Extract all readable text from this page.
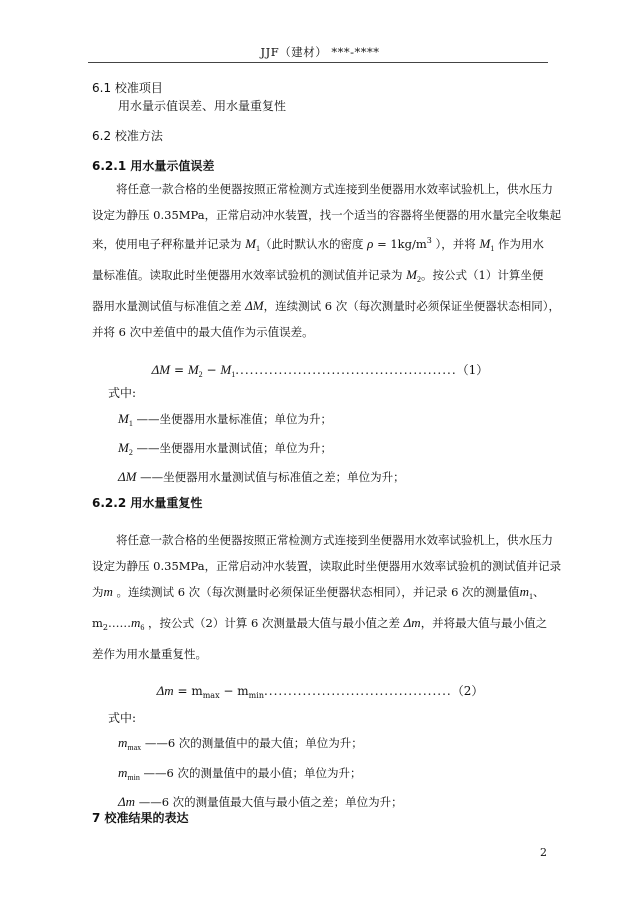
JJF（建材） ***-****
6.1 校准项目
用水量示值误差、用水量重复性
6.2 校准方法
6.2.1 用水量示值误差
将任意一款合格的坐便器按照正常检测方式连接到坐便器用水效率试验机上，供水压力
设定为静压 0.35MPa，正常启动冲水装置，找一个适当的容器将坐便器的用水量完全收集起
来，使用电子秤称量并记录为 $M_1$（此时默认水的密度 $\rho = 1kg/m^3$ ），并将 $M_1$ 作为用水
量标准值。读取此时坐便器用水效率试验机的测试值并记录为 $M_2$。按公式（1）计算坐便
器用水量测试值与标准值之差 ΔM，连续测试 6 次（每次测量时必须保证坐便器状态相同），
并将 6 次中差值中的最大值作为示值误差。
$\Delta M = M_2 - M_1..............................................(1)$
式中:
$M_1$ ——坐便器用水量标准值；单位为升；
$M_2$ ——坐便器用水量测试值；单位为升；
ΔM ——坐便器用水量测试值与标准值之差；单位为升；
6.2.2 用水量重复性
将任意一款合格的坐便器按照正常检测方式连接到坐便器用水效率试验机上，供水压力
设定为静压 0.35MPa，正常启动冲水装置，读取此时坐便器用水效率试验机的测试值并记录
为m 。连续测试 6 次（每次测量时必须保证坐便器状态相同），并记录 6 次的测量值$m_1$、
$m_2\dots\dots m_6$ ，按公式（2）计算 6 次测量最大值与最小值之差 Δm，并将最大值与最小值之
差作为用水量重复性。
$\Delta m = m_{max} - m_{min}.......................................(2)$
式中:
$m_{max}$ ——6 次的测量值中的最大值；单位为升；
$m_{min}$ ——6 次的测量值中的最小值；单位为升；
Δm ——6 次的测量值最大值与最小值之差；单位为升；
7 校准结果的表达
2
